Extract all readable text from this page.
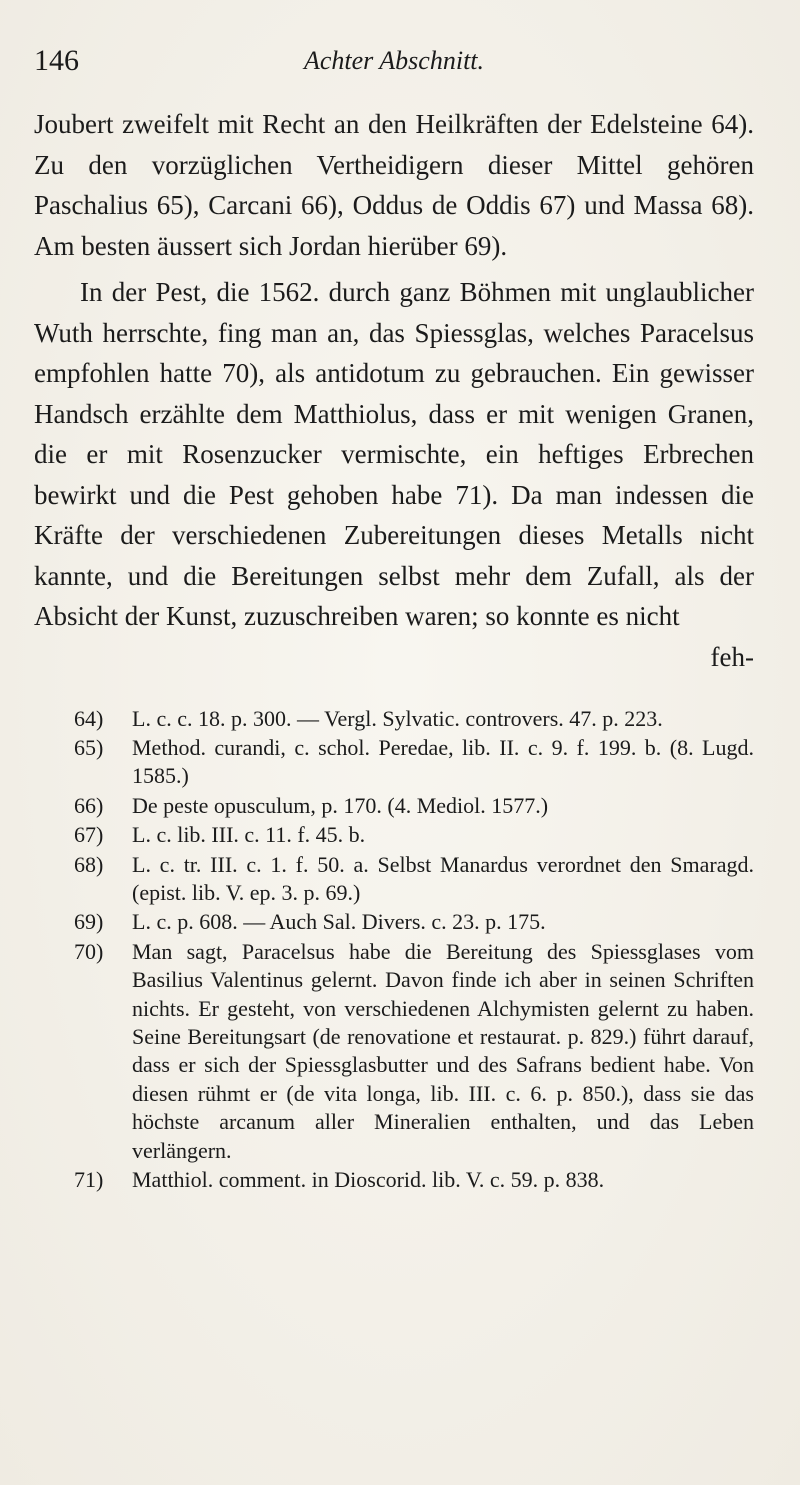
146	Achter Abschnitt.

Joubert zweifelt mit Recht an den Heilkräften der Edelsteine 64). Zu den vorzüglichen Vertheidigern dieser Mittel gehören Paschalius 65), Carcani 66), Oddus de Oddis 67) und Massa 68). Am besten äussert sich Jordan hierüber 69).

In der Pest, die 1562. durch ganz Böhmen mit unglaublicher Wuth herrschte, fing man an, das Spiessglas, welches Paracelsus empfohlen hatte 70), als antidotum zu gebrauchen. Ein gewisser Handsch erzählte dem Matthiolus, dass er mit wenigen Granen, die er mit Rosenzucker vermischte, ein heftiges Erbrechen bewirkt und die Pest gehoben habe 71). Da man indessen die Kräfte der verschiedenen Zubereitungen dieses Metalls nicht kannte, und die Bereitungen selbst mehr dem Zufall, als der Absicht der Kunst, zuzuschreiben waren; so konnte es nicht

feh-
64) L. c. c. 18. p. 300. — Vergl. Sylvatic. controvers. 47. p. 223.
65) Method. curandi, c. schol. Peredae, lib. II. c. 9. f. 199. b. (8. Lugd. 1585.)
66) De peste opusculum, p. 170. (4. Mediol. 1577.)
67) L. c. lib. III. c. 11. f. 45. b.
68) L. c. tr. III. c. 1. f. 50. a. Selbst Manardus verordnet den Smaragd. (epist. lib. V. ep. 3. p. 69.)
69) L. c. p. 608. — Auch Sal. Divers. c. 23. p. 175.
70) Man sagt, Paracelsus habe die Bereitung des Spiessglases vom Basilius Valentinus gelernt. Davon finde ich aber in seinen Schriften nichts. Er gesteht, von verschiedenen Alchymisten gelernt zu haben. Seine Bereitungsart (de renovatione et restaurat. p. 829.) führt darauf, dass er sich der Spiessglasbutter und des Safrans bedient habe. Von diesen rühmt er (de vita longa, lib. III. c. 6. p. 850.), dass sie das höchste arcanum aller Mineralien enthalten, und das Leben verlängern.
71) Matthiol. comment. in Dioscorid. lib. V. c. 59. p. 838.
